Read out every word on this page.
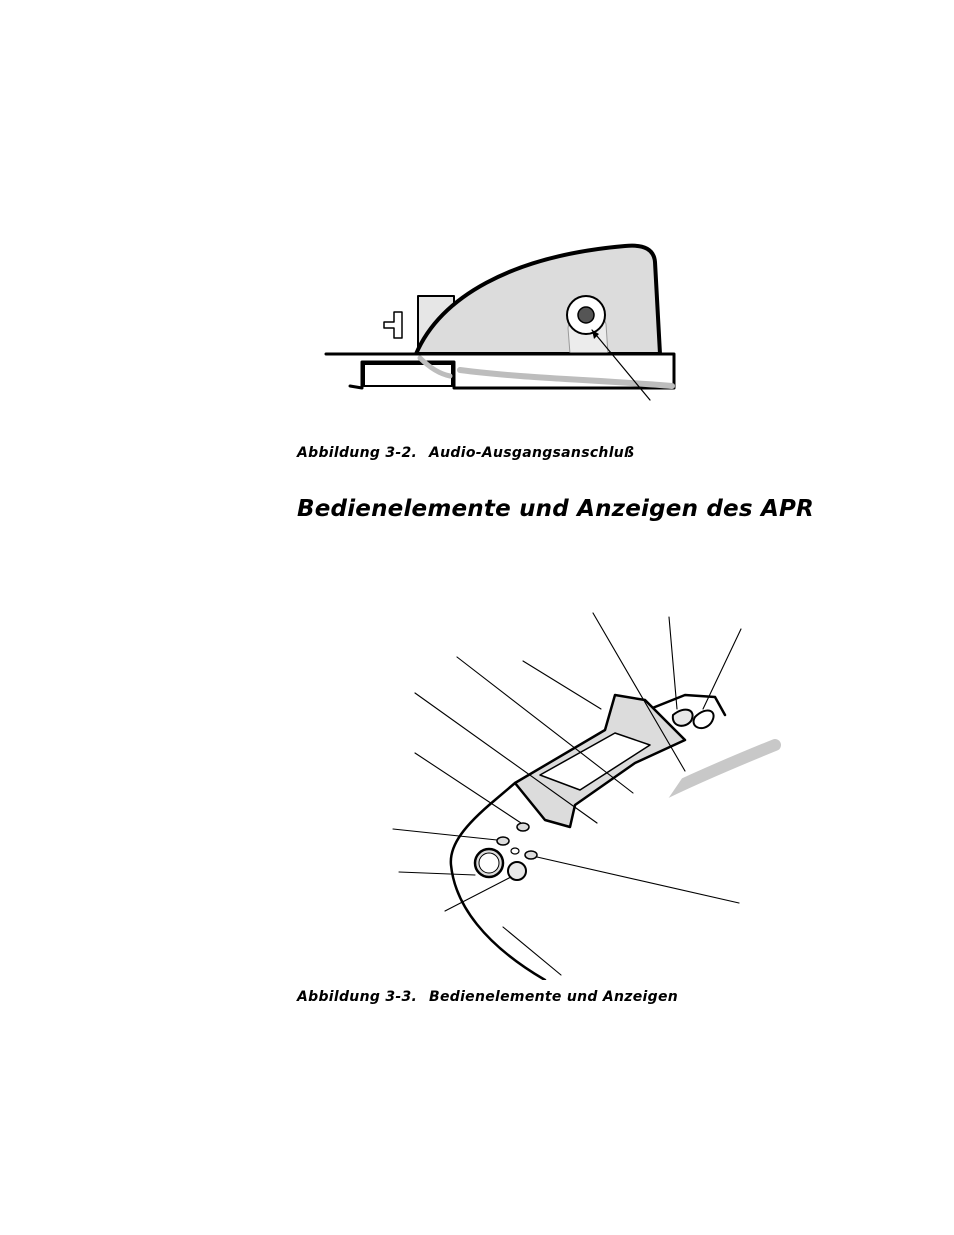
Abbildung 3-2. Audio-Ausgangsanschluß
Bedienelemente und Anzeigen des APR
Abbildung 3-3. Bedienelemente und Anzeigen
